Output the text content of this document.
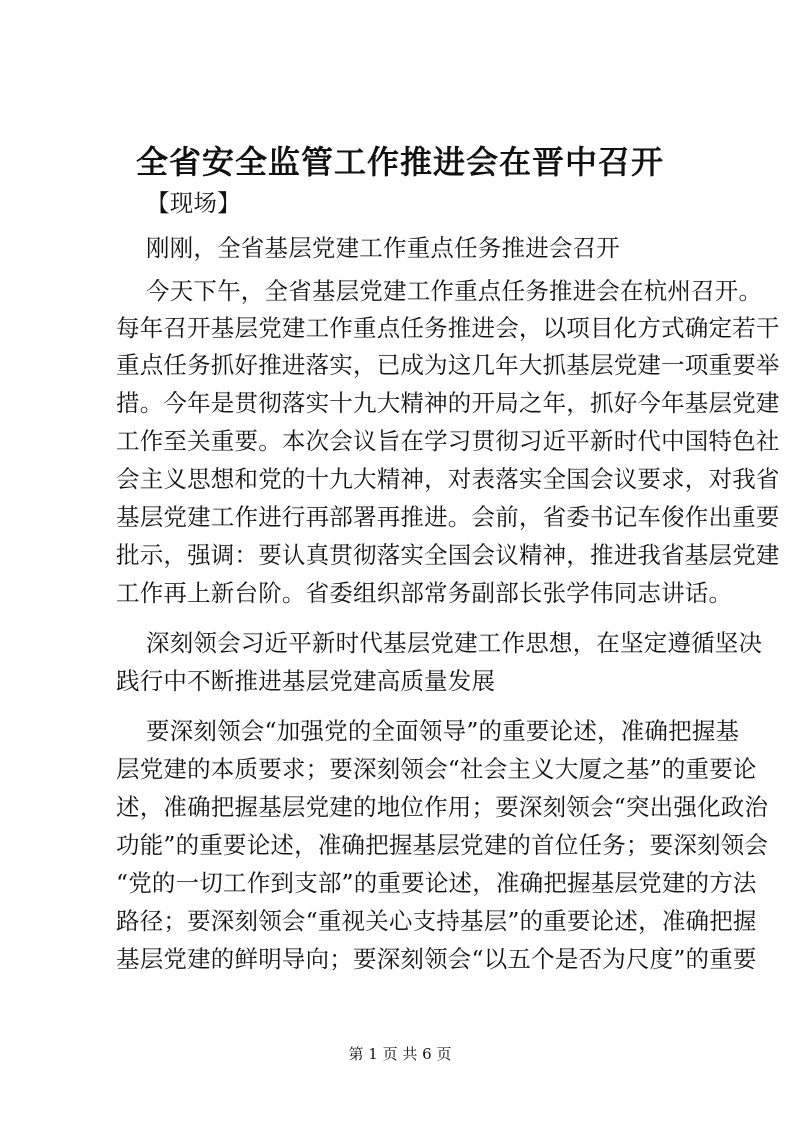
全省安全监管工作推进会在晋中召开
【现场】
刚刚，全省基层党建工作重点任务推进会召开
今天下午，全省基层党建工作重点任务推进会在杭州召开。
每年召开基层党建工作重点任务推进会，以项目化方式确定若干
重点任务抓好推进落实，已成为这几年大抓基层党建一项重要举
措。今年是贯彻落实十九大精神的开局之年，抓好今年基层党建
工作至关重要。本次会议旨在学习贯彻习近平新时代中国特色社
会主义思想和党的十九大精神，对表落实全国会议要求，对我省
基层党建工作进行再部署再推进。会前，省委书记车俊作出重要
批示，强调：要认真贯彻落实全国会议精神，推进我省基层党建
工作再上新台阶。省委组织部常务副部长张学伟同志讲话。
深刻领会习近平新时代基层党建工作思想，在坚定遵循坚决
践行中不断推进基层党建高质量发展
要深刻领会“加强党的全面领导”的重要论述，准确把握基
层党建的本质要求；要深刻领会“社会主义大厦之基”的重要论
述，准确把握基层党建的地位作用；要深刻领会“突出强化政治
功能”的重要论述，准确把握基层党建的首位任务；要深刻领会
“党的一切工作到支部”的重要论述，准确把握基层党建的方法
路径；要深刻领会“重视关心支持基层”的重要论述，准确把握
基层党建的鲜明导向；要深刻领会“以五个是否为尺度”的重要
第 1 页 共 6 页
